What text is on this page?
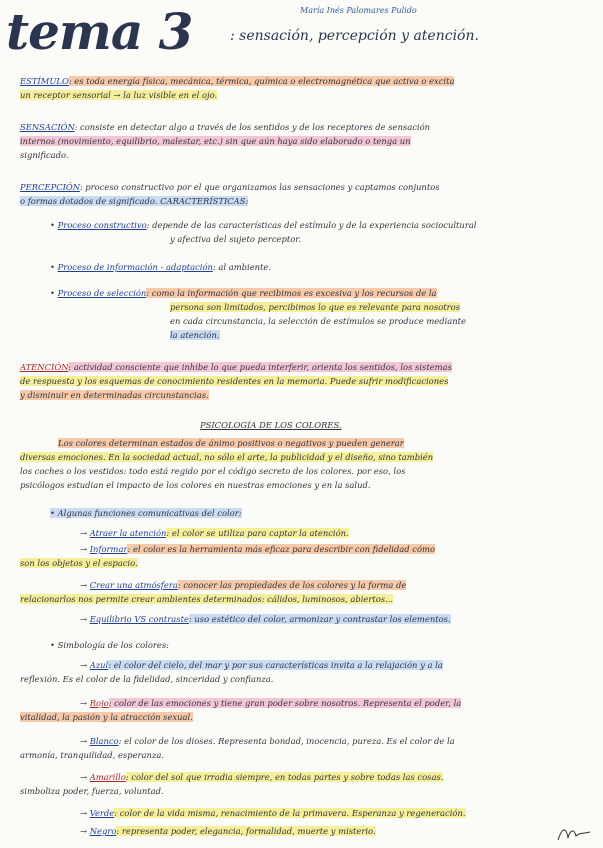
María Inés Palomares Pulido
tema 3	: sensación, percepción y atención.
ESTÍMULO: es toda energía física, mecánica, térmica, química o electromagnética que activa o excita
un receptor sensorial → la luz visible en el ojo.
SENSACIÓN: consiste en detectar algo a través de los sentidos y de los receptores de sensación
internos (movimiento, equilibrio, malestar, etc.) sin que aún haya sido elaborado o tenga un
significado.
PERCEPCIÓN: proceso constructivo por el que organizamos las sensaciones y captamos conjuntos
o formas dotados de significado. CARACTERÍSTICAS:
• Proceso constructivo: depende de las características del estímulo y de la experiencia sociocultural
y afectiva del sujeto perceptor.
• Proceso de información - adaptación: al ambiente.
• Proceso de selección: como la información que recibimos es excesiva y los recursos de la
persona son limitados, percibimos lo que es relevante para nosotros
en cada circunstancia, la selección de estímulos se produce mediante
la atención.
ATENCIÓN: actividad consciente que inhibe lo que pueda interferir, orienta los sentidos, los sistemas
de respuesta y los esquemas de conocimiento residentes en la memoria. Puede sufrir modificaciones
y disminuir en determinadas circunstancias.
PSICOLOGÍA DE LOS COLORES.
Los colores determinan estados de ánimo positivos o negativos y pueden generar
diversas emociones. En la sociedad actual, no sólo el arte, la publicidad y el diseño, sino también
los coches o los vestidos: todo está regido por el código secreto de los colores. por eso, los
psicólogos estudian el impacto de los colores en nuestras emociones y en la salud.
• Algunas funciones comunicativas del color:
→ Atraer la atención: el color se utiliza para captar la atención.
→ Informar: el color es la herramienta más eficaz para describir con fidelidad cómo
son los objetos y el espacio.
→ Crear una atmósfera: conocer las propiedades de los colores y la forma de
relacionarlos nos permite crear ambientes determinados: cálidos, luminosos, abiertos...
→ Equilibrio VS contraste: uso estético del color, armonizar y contrastar los elementos.
• Simbología de los colores:
→ Azul: el color del cielo, del mar y por sus características invita a la relajación y a la
reflexión. Es el color de la fidelidad, sinceridad y confianza.
→ Rojo: color de las emociones y tiene gran poder sobre nosotros. Representa el poder, la
vitalidad, la pasión y la atracción sexual.
→ Blanco: el color de los dioses. Representa bondad, inocencia, pureza. Es el color de la
armonía, tranquilidad, esperanza.
→ Amarillo: color del sol que irradia siempre, en todas partes y sobre todas las cosas.
simboliza poder, fuerza, voluntad.
→ Verde: color de la vida misma, renacimiento de la primavera. Esperanza y regeneración.
→ Negro: representa poder, elegancia, formalidad, muerte y misterio.
